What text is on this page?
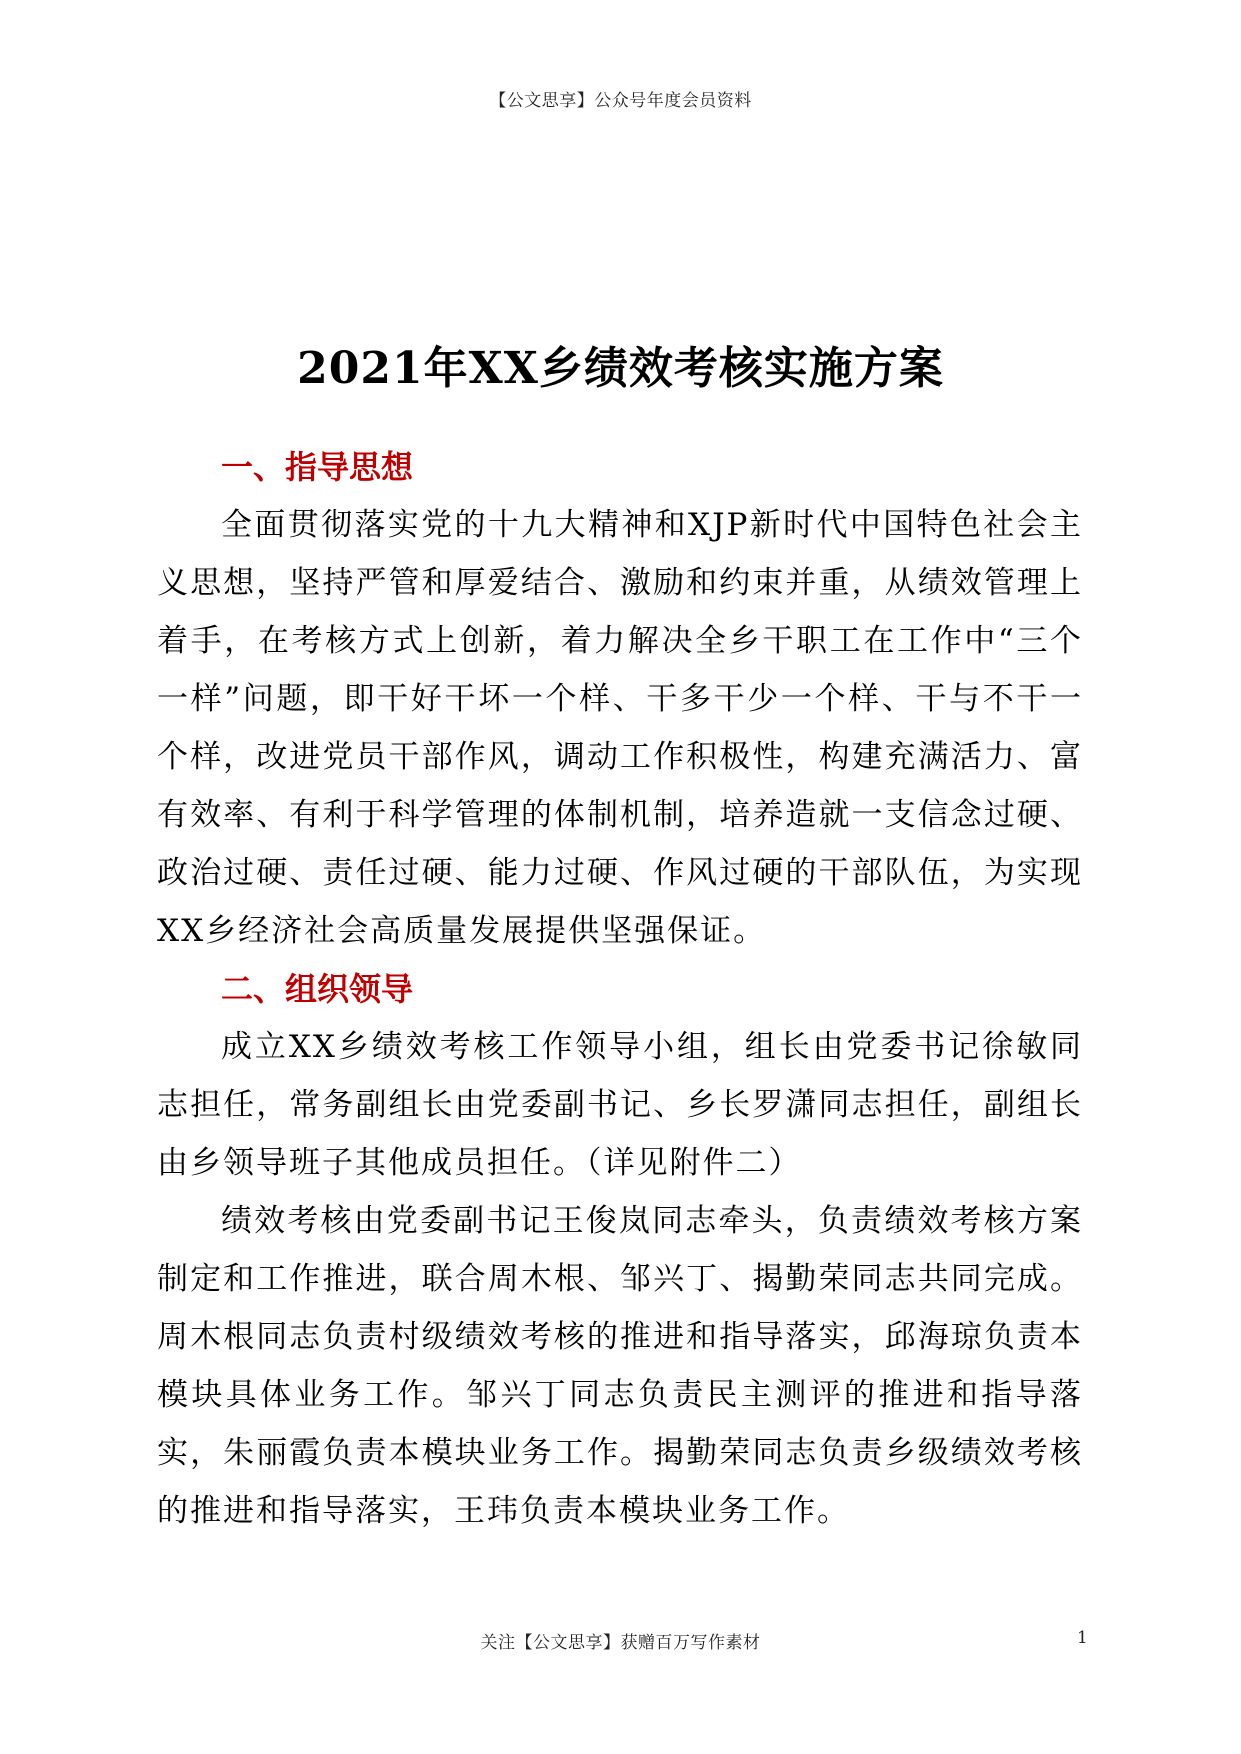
【公文思享】公众号年度会员资料
2021年XX乡绩效考核实施方案
一、指导思想

全面贯彻落实党的十九大精神和XJP新时代中国特色社会主义思想，坚持严管和厚爱结合、激励和约束并重，从绩效管理上着手，在考核方式上创新，着力解决全乡干职工在工作中“三个一样”问题，即干好干坏一个样、干多干少一个样、干与不干一个样，改进党员干部作风，调动工作积极性，构建充满活力、富有效率、有利于科学管理的体制机制，培养造就一支信念过硬、政治过硬、责任过硬、能力过硬、作风过硬的干部队伍，为实现XX乡经济社会高质量发展提供坚强保证。

二、组织领导

成立XX乡绩效考核工作领导小组，组长由党委书记徐敏同志担任，常务副组长由党委副书记、乡长罗潇同志担任，副组长由乡领导班子其他成员担任。（详见附件二）

绩效考核由党委副书记王俊岚同志牵头，负责绩效考核方案制定和工作推进，联合周木根、邹兴丁、揭勤荣同志共同完成。周木根同志负责村级绩效考核的推进和指导落实，邱海琼负责本模块具体业务工作。邹兴丁同志负责民主测评的推进和指导落实，朱丽霞负责本模块业务工作。揭勤荣同志负责乡级绩效考核的推进和指导落实，王玮负责本模块业务工作。

关注【公文思享】获赠百万写作素材	1
